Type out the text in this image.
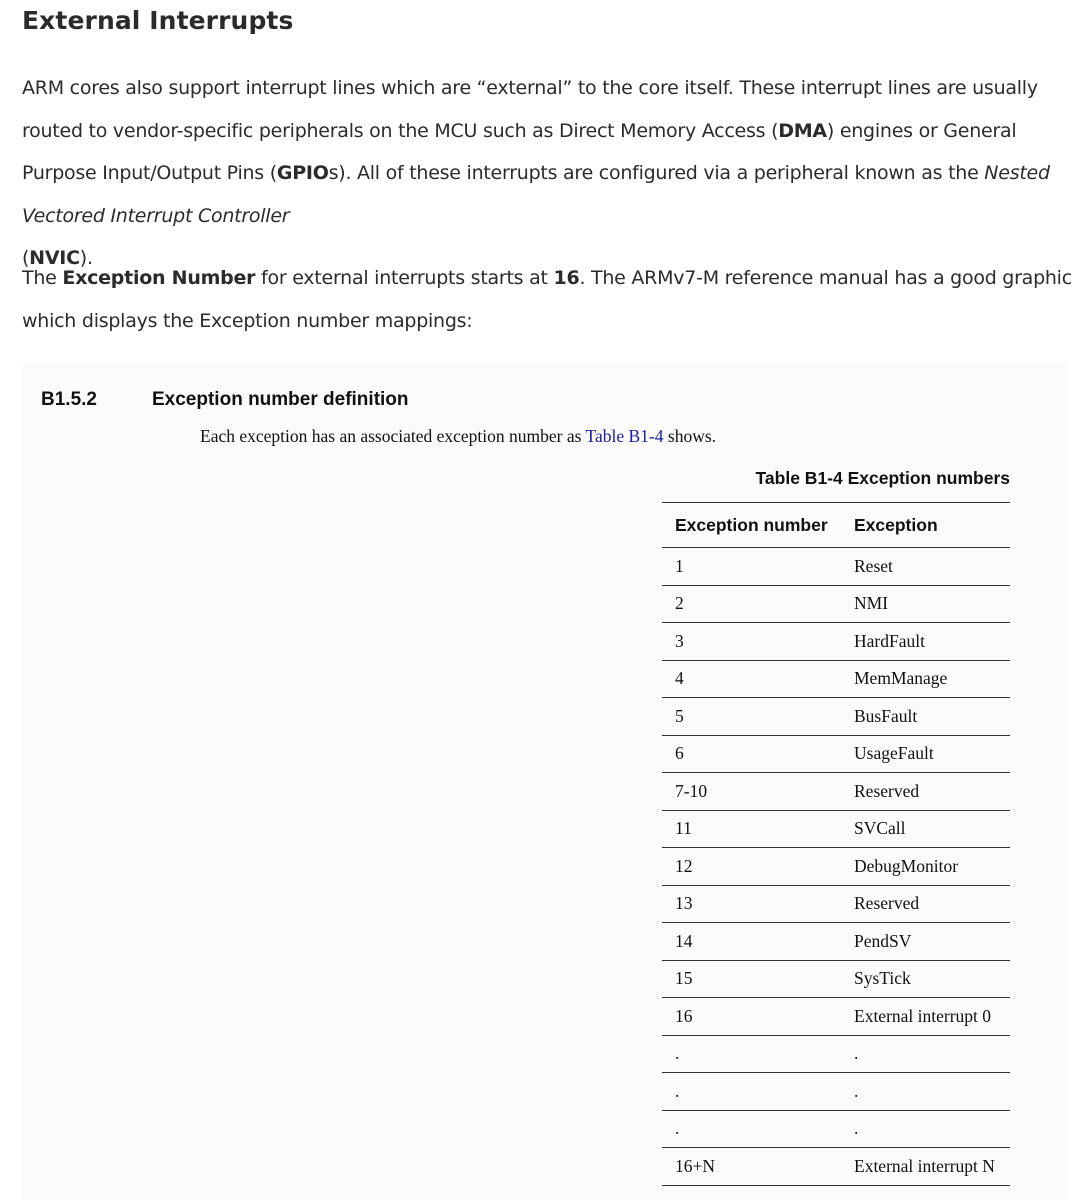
External Interrupts

ARM cores also support interrupt lines which are “external” to the core itself. These interrupt lines are usually routed to vendor-specific peripherals on the MCU such as Direct Memory Access (DMA) engines or General Purpose Input/Output Pins (GPIOs). All of these interrupts are configured via a peripheral known as the Nested Vectored Interrupt Controller
(NVIC).

The Exception Number for external interrupts starts at 16. The ARMv7-M reference manual has a good graphic which displays the Exception number mappings:

B1.5.2	Exception number definition
Each exception has an associated exception number as Table B1-4 shows.
Table B1-4 Exception numbers
Exception number	Exception
1	Reset
2	NMI
3	HardFault
4	MemManage
5	BusFault
6	UsageFault
7-10	Reserved
11	SVCall
12	DebugMonitor
13	Reserved
14	PendSV
15	SysTick
16	External interrupt 0
.	.
.	.
.	.
16+N	External interrupt N
